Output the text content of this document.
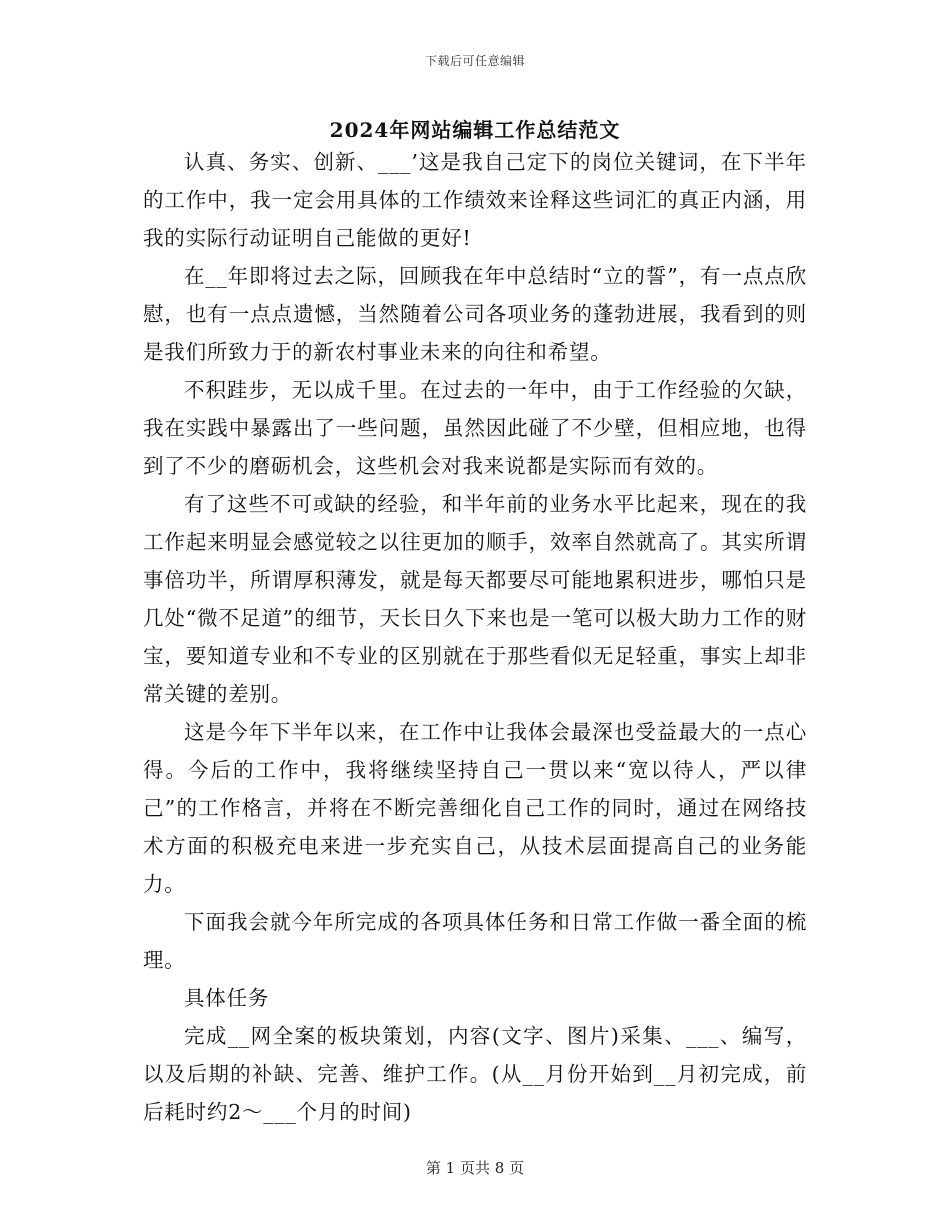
下载后可任意编辑
2024年网站编辑工作总结范文

认真、务实、创新、___’这是我自己定下的岗位关键词，在下半年的工作中，我一定会用具体的工作绩效来诠释这些词汇的真正内涵，用我的实际行动证明自己能做的更好!

在__年即将过去之际，回顾我在年中总结时“立的誓”，有一点点欣慰，也有一点点遗憾，当然随着公司各项业务的蓬勃进展，我看到的则是我们所致力于的新农村事业未来的向往和希望。

不积跬步，无以成千里。在过去的一年中，由于工作经验的欠缺，我在实践中暴露出了一些问题，虽然因此碰了不少壁，但相应地，也得到了不少的磨砺机会，这些机会对我来说都是实际而有效的。

有了这些不可或缺的经验，和半年前的业务水平比起来，现在的我工作起来明显会感觉较之以往更加的顺手，效率自然就高了。其实所谓事倍功半，所谓厚积薄发，就是每天都要尽可能地累积进步，哪怕只是几处“微不足道”的细节，天长日久下来也是一笔可以极大助力工作的财宝，要知道专业和不专业的区别就在于那些看似无足轻重，事实上却非常关键的差别。

这是今年下半年以来，在工作中让我体会最深也受益最大的一点心得。今后的工作中，我将继续坚持自己一贯以来“宽以待人，严以律己”的工作格言，并将在不断完善细化自己工作的同时，通过在网络技术方面的积极充电来进一步充实自己，从技术层面提高自己的业务能力。

下面我会就今年所完成的各项具体任务和日常工作做一番全面的梳理。

具体任务

完成__网全案的板块策划，内容(文字、图片)采集、___、编写，以及后期的补缺、完善、维护工作。(从__月份开始到__月初完成，前后耗时约2～___个月的时间)

第 1 页共 8 页
